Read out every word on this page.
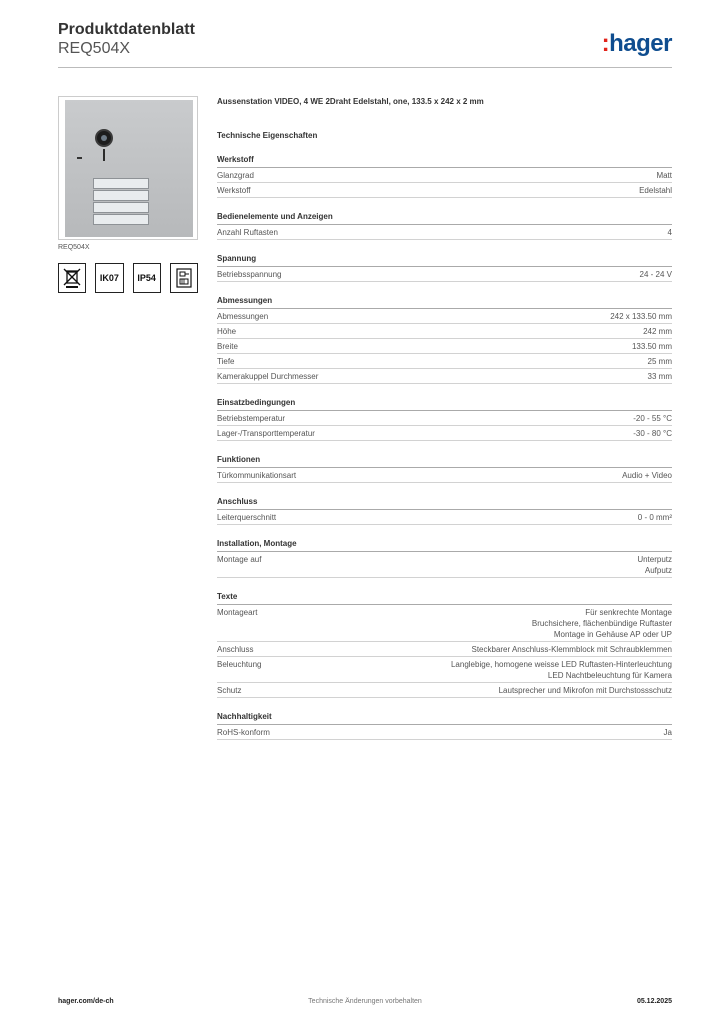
Produktdatenblatt
REQ504X	:hager
REQ504X
IK07	IP54
Aussenstation VIDEO, 4 WE 2Draht Edelstahl, one, 133.5 x 242 x 2 mm
Technische Eigenschaften
Werkstoff
Glanzgrad	Matt
Werkstoff	Edelstahl
Bedienelemente und Anzeigen
Anzahl Ruftasten	4
Spannung
Betriebsspannung	24 - 24 V
Abmessungen
Abmessungen	242 x 133.50 mm
Höhe	242 mm
Breite	133.50 mm
Tiefe	25 mm
Kamerakuppel Durchmesser	33 mm
Einsatzbedingungen
Betriebstemperatur	-20 - 55 °C
Lager-/Transporttemperatur	-30 - 80 °C
Funktionen
Türkommunikationsart	Audio + Video
Anschluss
Leiterquerschnitt	0 - 0 mm²
Installation, Montage
Montage auf	Unterputz
Aufputz
Texte
Montageart	Für senkrechte Montage
Bruchsichere, flächenbündige Ruftaster
Montage in Gehäuse AP oder UP
Anschluss	Steckbarer Anschluss-Klemmblock mit Schraubklemmen
Beleuchtung	Langlebige, homogene weisse LED Ruftasten-Hinterleuchtung
LED Nachtbeleuchtung für Kamera
Schutz	Lautsprecher und Mikrofon mit Durchstossschutz
Nachhaltigkeit
RoHS-konform	Ja
Technische Änderungen vorbehalten
hager.com/de-ch	05.12.2025
